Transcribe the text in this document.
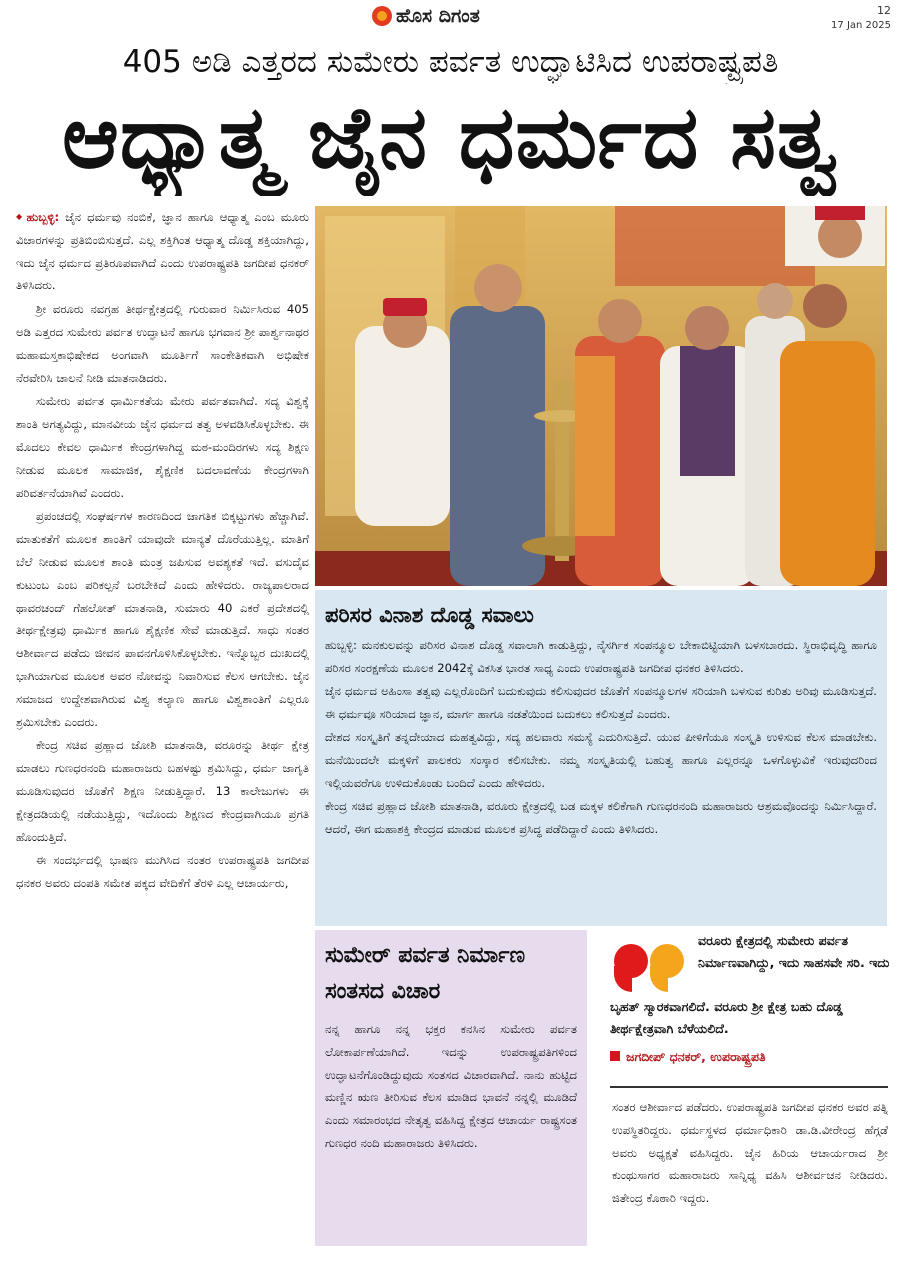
ಹೊಸ ದಿಗಂತ	12
17 Jan 2025
405 ಅಡಿ ಎತ್ತರದ ಸುಮೇರು ಪರ್ವತ ಉದ್ಘಾಟಿಸಿದ ಉಪರಾಷ್ಟ್ರಪತಿ
ಆಧ್ಯಾತ್ಮ ಜೈನ ಧರ್ಮದ ಸತ್ವ

◆ ಹುಬ್ಬಳ್ಳಿ: ಜೈನ ಧರ್ಮವು ನಂಬಿಕೆ, ಜ್ಞಾನ ಹಾಗೂ ಆಧ್ಯಾತ್ಮ ಎಂಬ ಮೂರು ವಿಚಾರಗಳನ್ನು ಪ್ರತಿಬಿಂಬಿಸುತ್ತದೆ. ಎಲ್ಲ ಶಕ್ತಿಗಿಂತ ಆಧ್ಯಾತ್ಮ ದೊಡ್ಡ ಶಕ್ತಿಯಾಗಿದ್ದು, ಇದು ಜೈನ ಧರ್ಮದ ಪ್ರತಿರೂಪವಾಗಿದೆ ಎಂದು ಉಪರಾಷ್ಟ್ರಪತಿ ಜಗದೀಪ ಧನಕರ್ ತಿಳಿಸಿದರು.

ಶ್ರೀ ವರೂರು ನವಗ್ರಹ ತೀರ್ಥಕ್ಷೇತ್ರದಲ್ಲಿ ಗುರುವಾರ ನಿರ್ಮಿಸಿರುವ 405 ಅಡಿ ಎತ್ತರದ ಸುಮೇರು ಪರ್ವತ ಉದ್ಘಾಟನೆ ಹಾಗೂ ಭಗವಾನ ಶ್ರೀ ಪಾರ್ಶ್ವನಾಥರ ಮಹಾಮಸ್ತಕಾಭಿಷೇಕದ ಅಂಗವಾಗಿ ಮೂರ್ತಿಗೆ ಸಾಂಕೇತಿಕವಾಗಿ ಅಭಿಷೇಕ ನೆರವೇರಿಸಿ ಚಾಲನೆ ನೀಡಿ ಮಾತನಾಡಿದರು.

ಸುಮೇರು ಪರ್ವತ ಧಾರ್ಮಿಕತೆಯ ಮೇರು ಪರ್ವತವಾಗಿದೆ. ಸದ್ಯ ವಿಶ್ವಕ್ಕೆ ಶಾಂತಿ ಅಗತ್ಯವಿದ್ದು, ಮಾನವೀಯ ಜೈನ ಧರ್ಮದ ತತ್ವ ಅಳವಡಿಸಿಕೊಳ್ಳಬೇಕು. ಈ ಮೊದಲು ಕೇವಲ ಧಾರ್ಮಿಕ ಕೇಂದ್ರಗಳಾಗಿದ್ದ ಮಠ-ಮಂದಿರಗಳು ಸದ್ಯ ಶಿಕ್ಷಣ ನೀಡುವ ಮೂಲಕ ಸಾಮಾಜಿಕ, ಶೈಕ್ಷಣಿಕ ಬದಲಾವಣೆಯ ಕೇಂದ್ರಗಳಾಗಿ ಪರಿವರ್ತನೆಯಾಗಿವೆ ಎಂದರು.

ಪ್ರಪಂಚದಲ್ಲಿ ಸಂಘರ್ಷಗಳ ಕಾರಣದಿಂದ ಜಾಗತಿಕ ಬಿಕ್ಕಟ್ಟುಗಳು ಹೆಚ್ಚಾಗಿವೆ. ಮಾತುಕತೆಗೆ ಮೂಲಕ ಶಾಂತಿಗೆ ಯಾವುದೇ ಮಾನ್ಯತೆ ದೊರೆಯುತ್ತಿಲ್ಲ. ಮಾತಿಗೆ ಬೆಲೆ ನೀಡುವ ಮೂಲಕ ಶಾಂತಿ ಮಂತ್ರ ಜಪಿಸುವ ಅವಶ್ಯಕತೆ ಇದೆ. ವಸುದೈವ ಕುಟುಂಬ ಎಂಬ ಪರಿಕಲ್ಪನೆ ಬರಬೇಕಿದೆ ಎಂದು ಹೇಳಿದರು. ರಾಜ್ಯಪಾಲರಾದ ಥಾವರಚಂದ್ ಗೆಹಲೋತ್ ಮಾತನಾಡಿ, ಸುಮಾರು 40 ಎಕರೆ ಪ್ರದೇಶದಲ್ಲಿ ತೀರ್ಥಕ್ಷೇತ್ರವು ಧಾರ್ಮಿಕ ಹಾಗೂ ಶೈಕ್ಷಣಿಕ ಸೇವೆ ಮಾಡುತ್ತಿದೆ. ಸಾಧು ಸಂತರ ಆಶೀರ್ವಾದ ಪಡೆದು ಜೀವನ ಪಾವನಗೊಳಿಸಿಕೊಳ್ಳಬೇಕು. ಇನ್ನೊಬ್ಬರ ದುಃಖದಲ್ಲಿ ಭಾಗಿಯಾಗುವ ಮೂಲಕ ಅವರ ನೋವನ್ನು ನಿವಾರಿಸುವ ಕೆಲಸ ಆಗಬೇಕು. ಜೈನ ಸಮಾಜದ ಉದ್ದೇಶವಾಗಿರುವ ವಿಶ್ವ ಕಲ್ಯಾಣ ಹಾಗೂ ವಿಶ್ವಶಾಂತಿಗೆ ಎಲ್ಲರೂ ಶ್ರಮಿಸಬೇಕು ಎಂದರು.

ಕೇಂದ್ರ ಸಚಿವ ಪ್ರಹ್ಲಾದ ಜೋಶಿ ಮಾತನಾಡಿ, ವರೂರನ್ನು ತೀರ್ಥ ಕ್ಷೇತ್ರ ಮಾಡಲು ಗುಣಧರನಂದಿ ಮಹಾರಾಜರು ಬಹಳಷ್ಟು ಶ್ರಮಿಸಿದ್ದು, ಧರ್ಮ ಜಾಗೃತಿ ಮೂಡಿಸುವುದರ ಜೊತೆಗೆ ಶಿಕ್ಷಣ ನೀಡುತ್ತಿದ್ದಾರೆ. 13 ಕಾಲೇಜುಗಳು ಈ ಕ್ಷೇತ್ರದಡಿಯಲ್ಲಿ ನಡೆಯುತ್ತಿದ್ದು, ಇದೊಂದು ಶಿಕ್ಷಣದ ಕೇಂದ್ರವಾಗಿಯೂ ಪ್ರಗತಿ ಹೊಂದುತ್ತಿದೆ.

ಈ ಸಂದರ್ಭದಲ್ಲಿ ಭಾಷಣ ಮುಗಿಸಿದ ನಂತರ ಉಪರಾಷ್ಟ್ರಪತಿ ಜಗದೀಪ ಧನಕರ ಅವರು ದಂಪತಿ ಸಮೇತ ಪಕ್ಕದ ವೇದಿಕೆಗೆ ತೆರಳಿ ಎಲ್ಲ ಆಚಾರ್ಯರು,

ಪರಿಸರ ವಿನಾಶ ದೊಡ್ಡ ಸವಾಲು

ಹುಬ್ಬಳ್ಳಿ: ಮನಕುಲವನ್ನು ಪರಿಸರ ವಿನಾಶ ದೊಡ್ಡ ಸವಾಲಾಗಿ ಕಾಡುತ್ತಿದ್ದು, ನೈಸರ್ಗಿಕ ಸಂಪನ್ಮೂಲ ಬೇಕಾಬಿಟ್ಟಿಯಾಗಿ ಬಳಸಬಾರದು. ಸ್ಥಿರಾಭಿವೃದ್ಧಿ ಹಾಗೂ ಪರಿಸರ ಸಂರಕ್ಷಣೆಯ ಮೂಲಕ 2042ಕ್ಕೆ ವಿಕಸಿತ ಭಾರತ ಸಾಧ್ಯ ಎಂದು ಉಪರಾಷ್ಟ್ರಪತಿ ಜಗದೀಪ ಧನಕರ ತಿಳಿಸಿದರು.

ಜೈನ ಧರ್ಮದ ಅಹಿಂಸಾ ತತ್ವವು ಎಲ್ಲರೊಂದಿಗೆ ಬದುಕುವುದು ಕಲಿಸುವುದರ ಜೊತೆಗೆ ಸಂಪನ್ಮೂಲಗಳ ಸರಿಯಾಗಿ ಬಳಸುವ ಕುರಿತು ಅರಿವು ಮೂಡಿಸುತ್ತದೆ. ಈ ಧರ್ಮವೂ ಸರಿಯಾದ ಜ್ಞಾನ, ಮಾರ್ಗ ಹಾಗೂ ನಡತೆಯಿಂದ ಬದುಕಲು ಕಲಿಸುತ್ತದೆ ಎಂದರು.

ದೇಶದ ಸಂಸ್ಕೃತಿಗೆ ತನ್ನದೇಯಾದ ಮಹತ್ವವಿದ್ದು, ಸದ್ಯ ಹಲವಾರು ಸಮಸ್ಯೆ ಎದುರಿಸುತ್ತಿದೆ. ಯುವ ಪೀಳಿಗೆಯೂ ಸಂಸ್ಕೃತಿ ಉಳಿಸುವ ಕೆಲಸ ಮಾಡಬೇಕು. ಮನೆಯಿಂದಲೇ ಮಕ್ಕಳಿಗೆ ಪಾಲಕರು ಸಂಸ್ಕಾರ ಕಲಿಸಬೇಕು. ನಮ್ಮ ಸಂಸ್ಕೃತಿಯಲ್ಲಿ ಬಹುತ್ವ ಹಾಗೂ ಎಲ್ಲರನ್ನೂ ಒಳಗೊಳ್ಳುವಿಕೆ ಇರುವುದರಿಂದ ಇಲ್ಲಿಯವರೆಗೂ ಉಳಿದುಕೊಂಡು ಬಂದಿದೆ ಎಂದು ಹೇಳಿದರು.

ಕೇಂದ್ರ ಸಚಿವ ಪ್ರಹ್ಲಾದ ಜೋಶಿ ಮಾತನಾಡಿ, ವರೂರು ಕ್ಷೇತ್ರದಲ್ಲಿ ಬಡ ಮಕ್ಕಳ ಕಲಿಕೆಗಾಗಿ ಗುಣಧರನಂದಿ ಮಹಾರಾಜರು ಆಶ್ರಮವೊಂದನ್ನು ನಿರ್ಮಿಸಿದ್ದಾರೆ. ಆದರೆ, ಈಗ ಮಹಾಶಕ್ತಿ ಕೇಂದ್ರದ ಮಾಡುವ ಮೂಲಕ ಪ್ರಸಿದ್ಧ ಪಡೆದಿದ್ದಾರೆ ಎಂದು ತಿಳಿಸಿದರು.

ಸುಮೇರ್ ಪರ್ವತ ನಿರ್ಮಾಣ ಸಂತಸದ ವಿಚಾರ

ನನ್ನ ಹಾಗೂ ನನ್ನ ಭಕ್ತರ ಕನಸಿನ ಸುಮೇರು ಪರ್ವತ ಲೋಕಾರ್ಪಣೆಯಾಗಿದೆ. ಇದನ್ನು ಉಪರಾಷ್ಟ್ರಪತಿಗಳಿಂದ ಉದ್ಘಾಟನೆಗೊಂಡಿದ್ದುವುದು ಸಂತಸದ ವಿಚಾರವಾಗಿದೆ. ನಾನು ಹುಟ್ಟಿದ ಮಣ್ಣಿನ ಋಣ ತೀರಿಸುವ ಕೆಲಸ ಮಾಡಿದ ಭಾವನೆ ನನ್ನಲ್ಲಿ ಮೂಡಿದೆ ಎಂದು ಸಮಾರಂಭದ ನೇತೃತ್ವ ವಹಿಸಿದ್ದ ಕ್ಷೇತ್ರದ ಆಚಾರ್ಯ ರಾಷ್ಟ್ರಸಂತ ಗುಣಧರ ನಂದಿ ಮಹಾರಾಜರು ತಿಳಿಸಿದರು.

ವರೂರು ಕ್ಷೇತ್ರದಲ್ಲಿ ಸುಮೇರು ಪರ್ವತ ನಿರ್ಮಾಣವಾಗಿದ್ದು, ಇದು ಸಾಹಸವೇ ಸರಿ. ಇದು
ಬೃಹತ್ ಸ್ಮಾರಕವಾಗಲಿದೆ. ವರೂರು ಶ್ರೀ ಕ್ಷೇತ್ರ ಬಹು ದೊಡ್ಡ ತೀರ್ಥಕ್ಷೇತ್ರವಾಗಿ ಬೆಳೆಯಲಿದೆ.
ಜಗದೀಪ್ ಧನಕರ್, ಉಪರಾಷ್ಟ್ರಪತಿ
ಸಂತರ ಆಶೀರ್ವಾದ ಪಡೆದರು. ಉಪರಾಷ್ಟ್ರಪತಿ ಜಗದೀಪ ಧನಕರ ಅವರ ಪತ್ನಿ ಉಪಸ್ಥಿತರಿದ್ದರು. ಧರ್ಮಸ್ಥಳದ ಧರ್ಮಾಧಿಕಾರಿ ಡಾ.ಡಿ.ವೀರೇಂದ್ರ ಹೆಗ್ಗಡೆ ಅವರು ಅಧ್ಯಕ್ಷತೆ ವಹಿಸಿದ್ದರು. ಜೈನ ಹಿರಿಯ ಆಚಾರ್ಯರಾದ ಶ್ರೀ ಕುಂಥುಸಾಗರ ಮಹಾರಾಜರು ಸಾನ್ನಿಧ್ಯ ವಹಿಸಿ ಆಶೀರ್ವಚನ ನೀಡಿದರು. ಜಿತೇಂದ್ರ ಕೊಠಾರಿ ಇದ್ದರು.
